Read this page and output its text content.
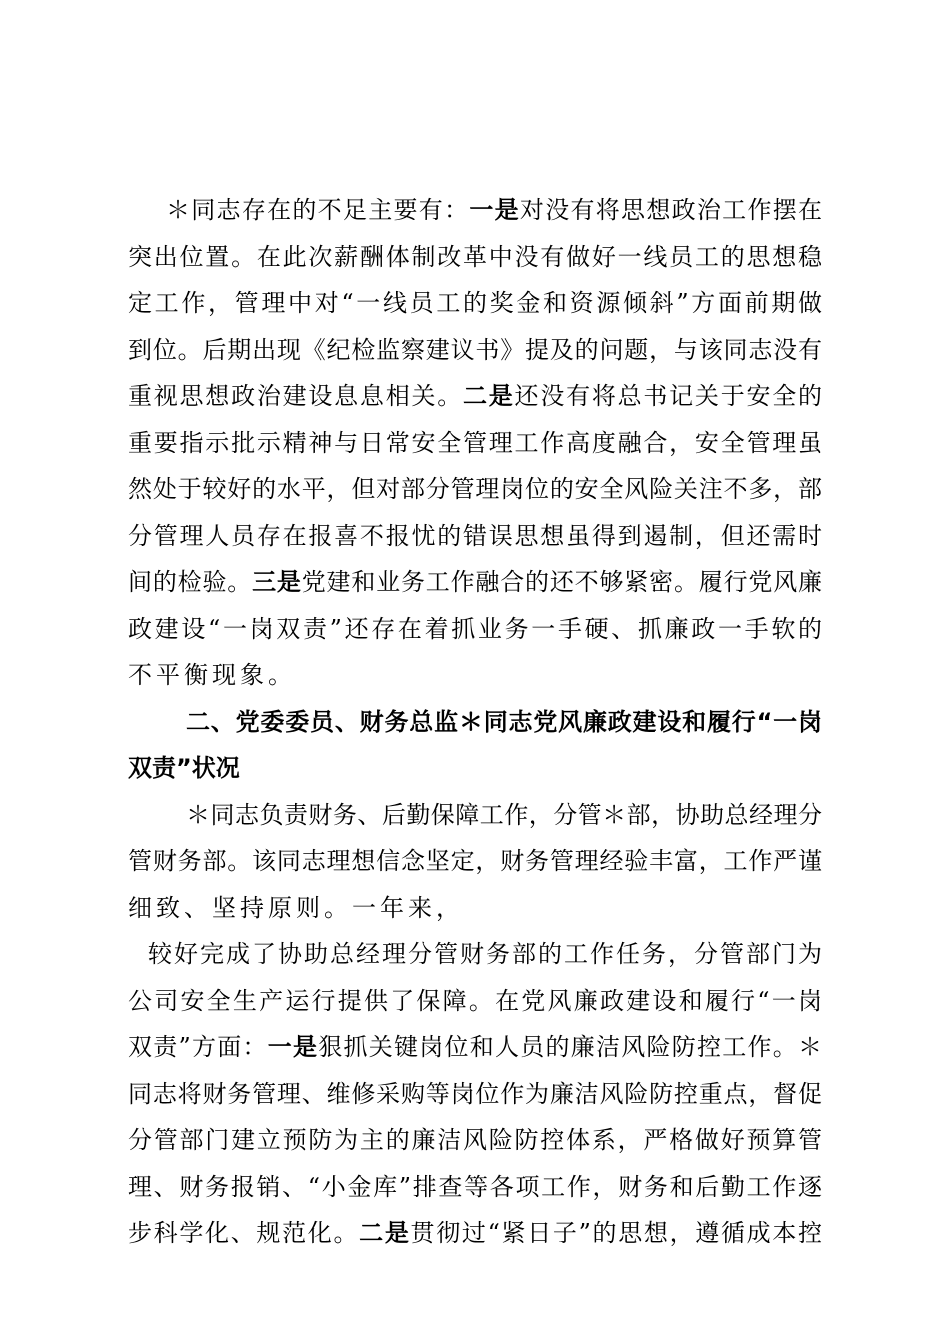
＊同志存在的不足主要有：一是对没有将思想政治工作摆在
突出位置。在此次薪酬体制改革中没有做好一线员工的思想稳
定工作，管理中对“一线员工的奖金和资源倾斜”方面前期做
到位。后期出现《纪检监察建议书》提及的问题，与该同志没有
重视思想政治建设息息相关。二是还没有将总书记关于安全的
重要指示批示精神与日常安全管理工作高度融合，安全管理虽
然处于较好的水平，但对部分管理岗位的安全风险关注不多，部
分管理人员存在报喜不报忧的错误思想虽得到遏制，但还需时
间的检验。三是党建和业务工作融合的还不够紧密。履行党风廉
政建设“一岗双责”还存在着抓业务一手硬、抓廉政一手软的
不平衡现象。
二、党委委员、财务总监＊同志党风廉政建设和履行“一岗
双责”状况
＊同志负责财务、后勤保障工作，分管＊部，协助总经理分
管财务部。该同志理想信念坚定，财务管理经验丰富，工作严谨
细致、坚持原则。一年来，
较好完成了协助总经理分管财务部的工作任务，分管部门为
公司安全生产运行提供了保障。在党风廉政建设和履行“一岗
双责”方面：一是狠抓关键岗位和人员的廉洁风险防控工作。＊
同志将财务管理、维修采购等岗位作为廉洁风险防控重点，督促
分管部门建立预防为主的廉洁风险防控体系，严格做好预算管
理、财务报销、“小金库”排查等各项工作，财务和后勤工作逐
步科学化、规范化。二是贯彻过“紧日子”的思想，遵循成本控
